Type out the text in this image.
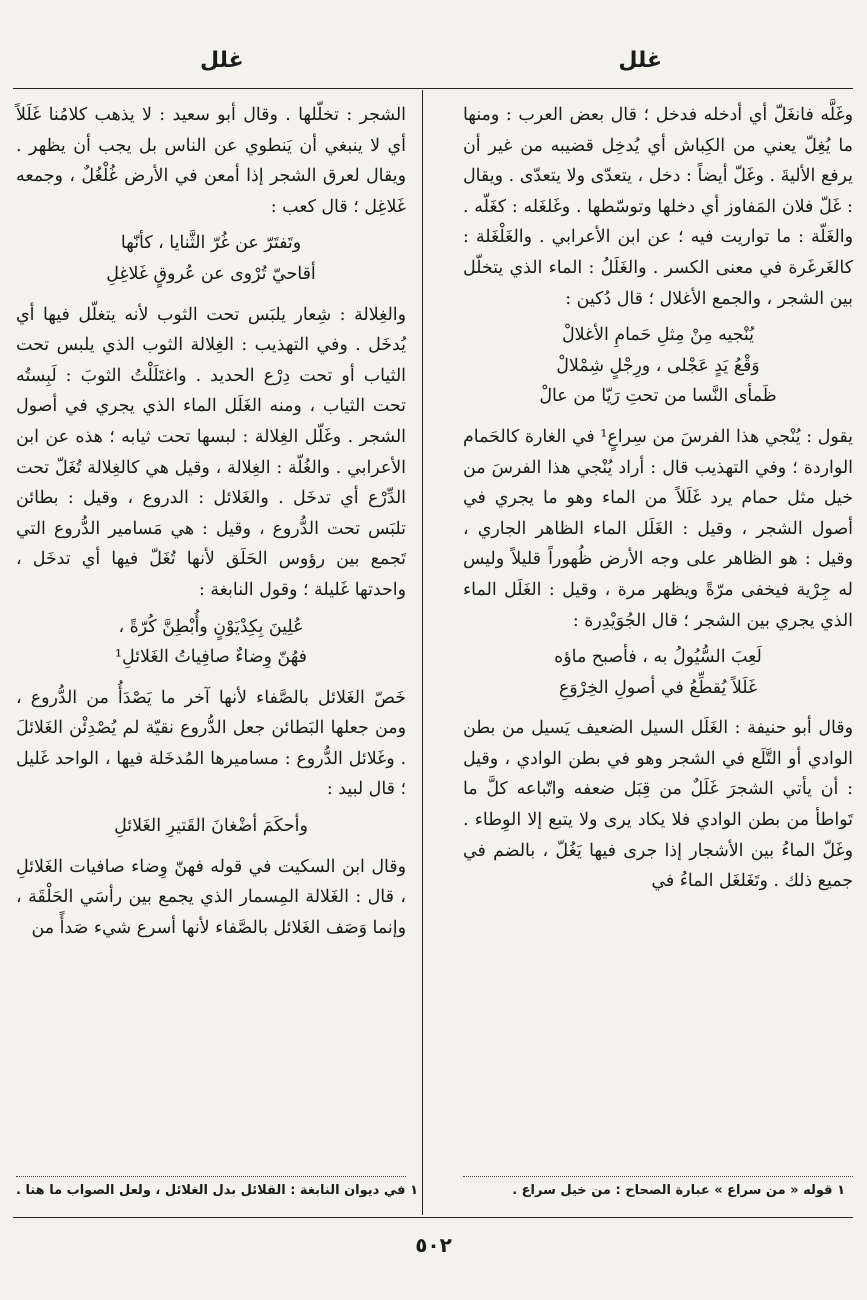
غلل
غلل

وغَلَّه فانغَلّ أي أدخله فدخل ؛ قال بعض العرب : ومنها ما يُغِلّ يعني من الكِباش أي يُدخِل قضيبه من غير أن يرفع الأليةَ . وغَلّ أيضاً : دخل ، يتعدّى ولا يتعدّى . ويقال : غَلّ فلان المَفاوز أي دخلها وتوسّطها . وغَلغَله : كغَلّه . والغَلّة : ما تواريت فيه ؛ عن ابن الأعرابي . والغَلْغَلة : كالغَرغَرة في معنى الكسر . والغَلَلُ : الماء الذي يتخلّل بين الشجر ، والجمع الأغلال ؛ قال دُكين :

يُنْجيه مِنْ مِثلِ حَمامِ الأغلالْ
وَقْعُ يَدٍ عَجْلى ، ورِجْلٍ شِمْلالْ
ظَمأى النَّسا من تحتِ رَيّا من عالْ

يقول : يُنْجي هذا الفرسَ من سِراعٍ¹ في الغارة كالحَمام الواردة ؛ وفي التهذيب قال : أراد يُنْجي هذا الفرسَ من خيل مثل حمام يرد غَلَلاً من الماء وهو ما يجري في أصول الشجر ، وقيل : الغَلَل الماء الظاهر الجاري ، وقيل : هو الظاهر على وجه الأرض ظُهوراً قليلاً وليس له جِرْية فيخفى مرّةً ويظهر مرة ، وقيل : الغَلَل الماء الذي يجري بين الشجر ؛ قال الجُوَيْدِرة :

لَعِبَ السُّيُولُ به ، فأصبح ماؤه
غَلَلاً يُقطِّعُ في أصولِ الخِرْوَعِ

وقال أبو حنيفة : الغَلَل السيل الضعيف يَسيل من بطن الوادي أو التَّلَع في الشجر وهو في بطن الوادي ، وقيل : أن يأتي الشجرَ غَلَلٌ من قِبَل ضعفه واتّباعه كلَّ ما تَواطأ من بطن الوادي فلا يكاد يرى ولا يتبع إلا الوِطاء . وغَلّ الماءُ بين الأشجار إذا جرى فيها يَغُلّ ، بالضم في جميع ذلك . وتَغَلغَل الماءُ في

الشجر : تخلّلها . وقال أبو سعيد : لا يذهب كلامُنا غَلَلاً أي لا ينبغي أن يَنطوي عن الناس بل يجب أن يظهر . ويقال لعرق الشجر إذا أمعن في الأرض غُلْغُلٌ ، وجمعه غَلاغِل ؛ قال كعب :

وتَفتَرّ عن غُرّ الثَّنايا ، كأنّها
أقاحيّ تُرْوى عن عُروقٍ غَلاغِلِ

والغِلالة : شِعار يلبَس تحت الثوب لأنه يتغلّل فيها أي يُدخَل . وفي التهذيب : الغِلالة الثوب الذي يلبس تحت الثياب أو تحت دِرْع الحديد . واغتَلَلْتُ الثوبَ : لَبِستُه تحت الثياب ، ومنه الغَلَل الماء الذي يجري في أصول الشجر . وغَلّل الغِلالة : لبسها تحت ثيابه ؛ هذه عن ابن الأعرابي . والغُلّة : الغِلالة ، وقيل هي كالغِلالة تُغَلّ تحت الدِّرْع أي تدخَل . والغَلائل : الدروع ، وقيل : بطائن تلبَس تحت الدُّروع ، وقيل : هي مَسامير الدُّروع التي تَجمع بين رؤوس الحَلَق لأنها تُغَلّ فيها أي تدخَل ، واحدتها غَليلة ؛ وقول النابغة :

عُلِينَ بِكِدْيَوْنٍ وأُبْطِنَّ كُرّةً ،
فهُنّ وِضاءٌ صافِياتُ الغَلائلِ¹

خَصّ الغَلائل بالصَّفاء لأنها آخر ما يَصْدَأُ من الدُّروع ، ومن جعلها البَطائن جعل الدُّروع نقيّة لم يُصْدِئْن الغَلائلَ . وغَلائل الدُّروع : مساميرها المُدخَلة فيها ، الواحد غَليل ؛ قال لبيد :

وأحكَمَ أضْغانَ القَتيرِ الغَلائلِ

وقال ابن السكيت في قوله فهنّ وِضاء صافيات الغَلائلِ ، قال : الغَلالة المِسمار الذي يجمع بين رأسَي الحَلْقَة ، وإنما وَصَف الغَلائل بالصَّفاء لأنها أسرع شيء صَدأً من

١ قوله « من سراع » عبارة الصحاح : من خيل سراع .
١ في ديوان النابغة : القلائل بدل الغلائل ، ولعل الصواب ما هنا .
٥٠٢
